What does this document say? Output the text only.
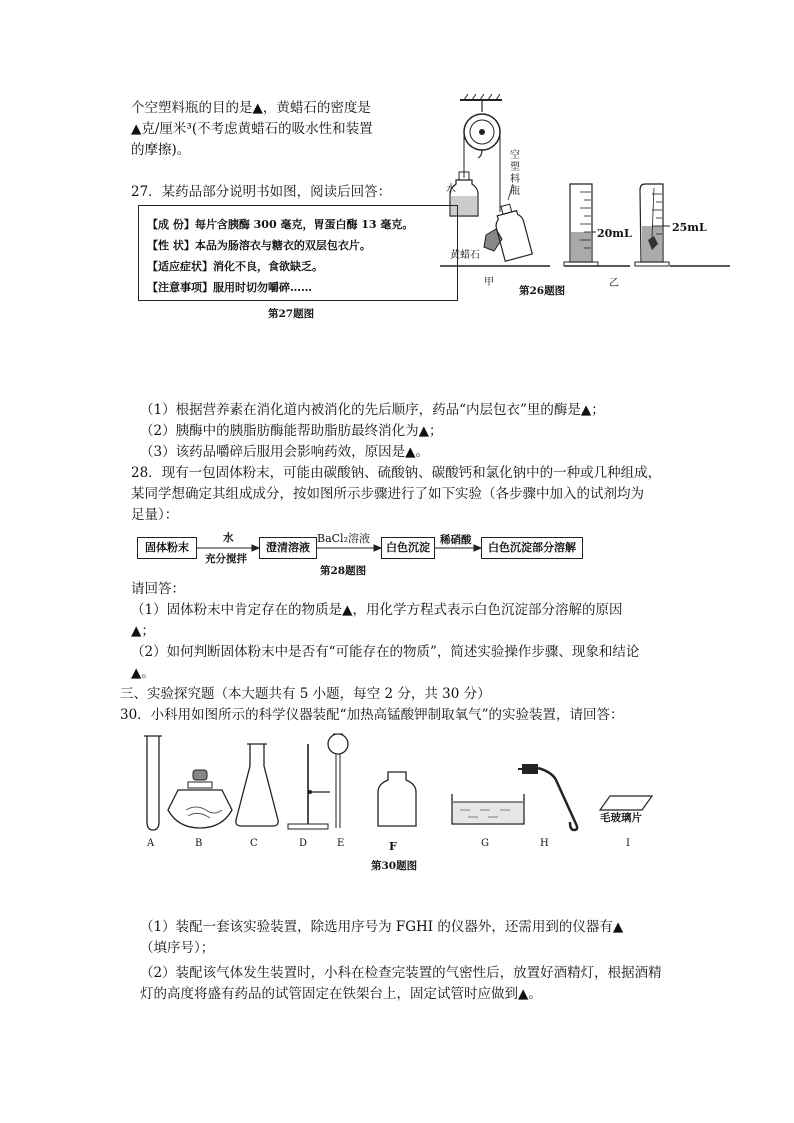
个空塑料瓶的目的是▲，黄蜡石的密度是
▲克/厘米³(不考虑黄蜡石的吸水性和装置
的摩擦)。
水
空塑料瓶
黄蜡石
20mL	25mL
甲	乙
第26题图
27．某药品部分说明书如图，阅读后回答：
【成 份】每片含胰酶 300 毫克，胃蛋白酶 13 毫克。
【性 状】本品为肠溶衣与糖衣的双层包衣片。
【适应症状】消化不良，食欲缺乏。
【注意事项】服用时切勿嚼碎……
第27题图
（1）根据营养素在消化道内被消化的先后顺序，药品“内层包衣”里的酶是▲；
（2）胰酶中的胰脂肪酶能帮助脂肪最终消化为▲；
（3）该药品嚼碎后服用会影响药效，原因是▲。
28．现有一包固体粉末，可能由碳酸钠、硫酸钠、碳酸钙和氯化钠中的一种或几种组成，
某同学想确定其组成成分，按如图所示步骤进行了如下实验（各步骤中加入的试剂均为
足量）：
固体粉末	澄清溶液	白色沉淀	白色沉淀部分溶解
水
充分搅拌
BaCl₂溶液	稀硝酸
第28题图
请回答：
（1）固体粉末中肯定存在的物质是▲，用化学方程式表示白色沉淀部分溶解的原因
▲；
（2）如何判断固体粉末中是否有“可能存在的物质”，简述实验操作步骤、现象和结论
▲。
三、实验探究题（本大题共有 5 小题，每空 2 分，共 30 分）
30．小科用如图所示的科学仪器装配“加热高锰酸钾制取氧气”的实验装置，请回答：
A	B	C	D	E	F	G	H	I
毛玻璃片
第30题图
（1）装配一套该实验装置，除选用序号为 FGHI 的仪器外，还需用到的仪器有▲
（填序号）；
（2）装配该气体发生装置时，小科在检查完装置的气密性后，放置好酒精灯，根据酒精
灯的高度将盛有药品的试管固定在铁架台上，固定试管时应做到▲。
